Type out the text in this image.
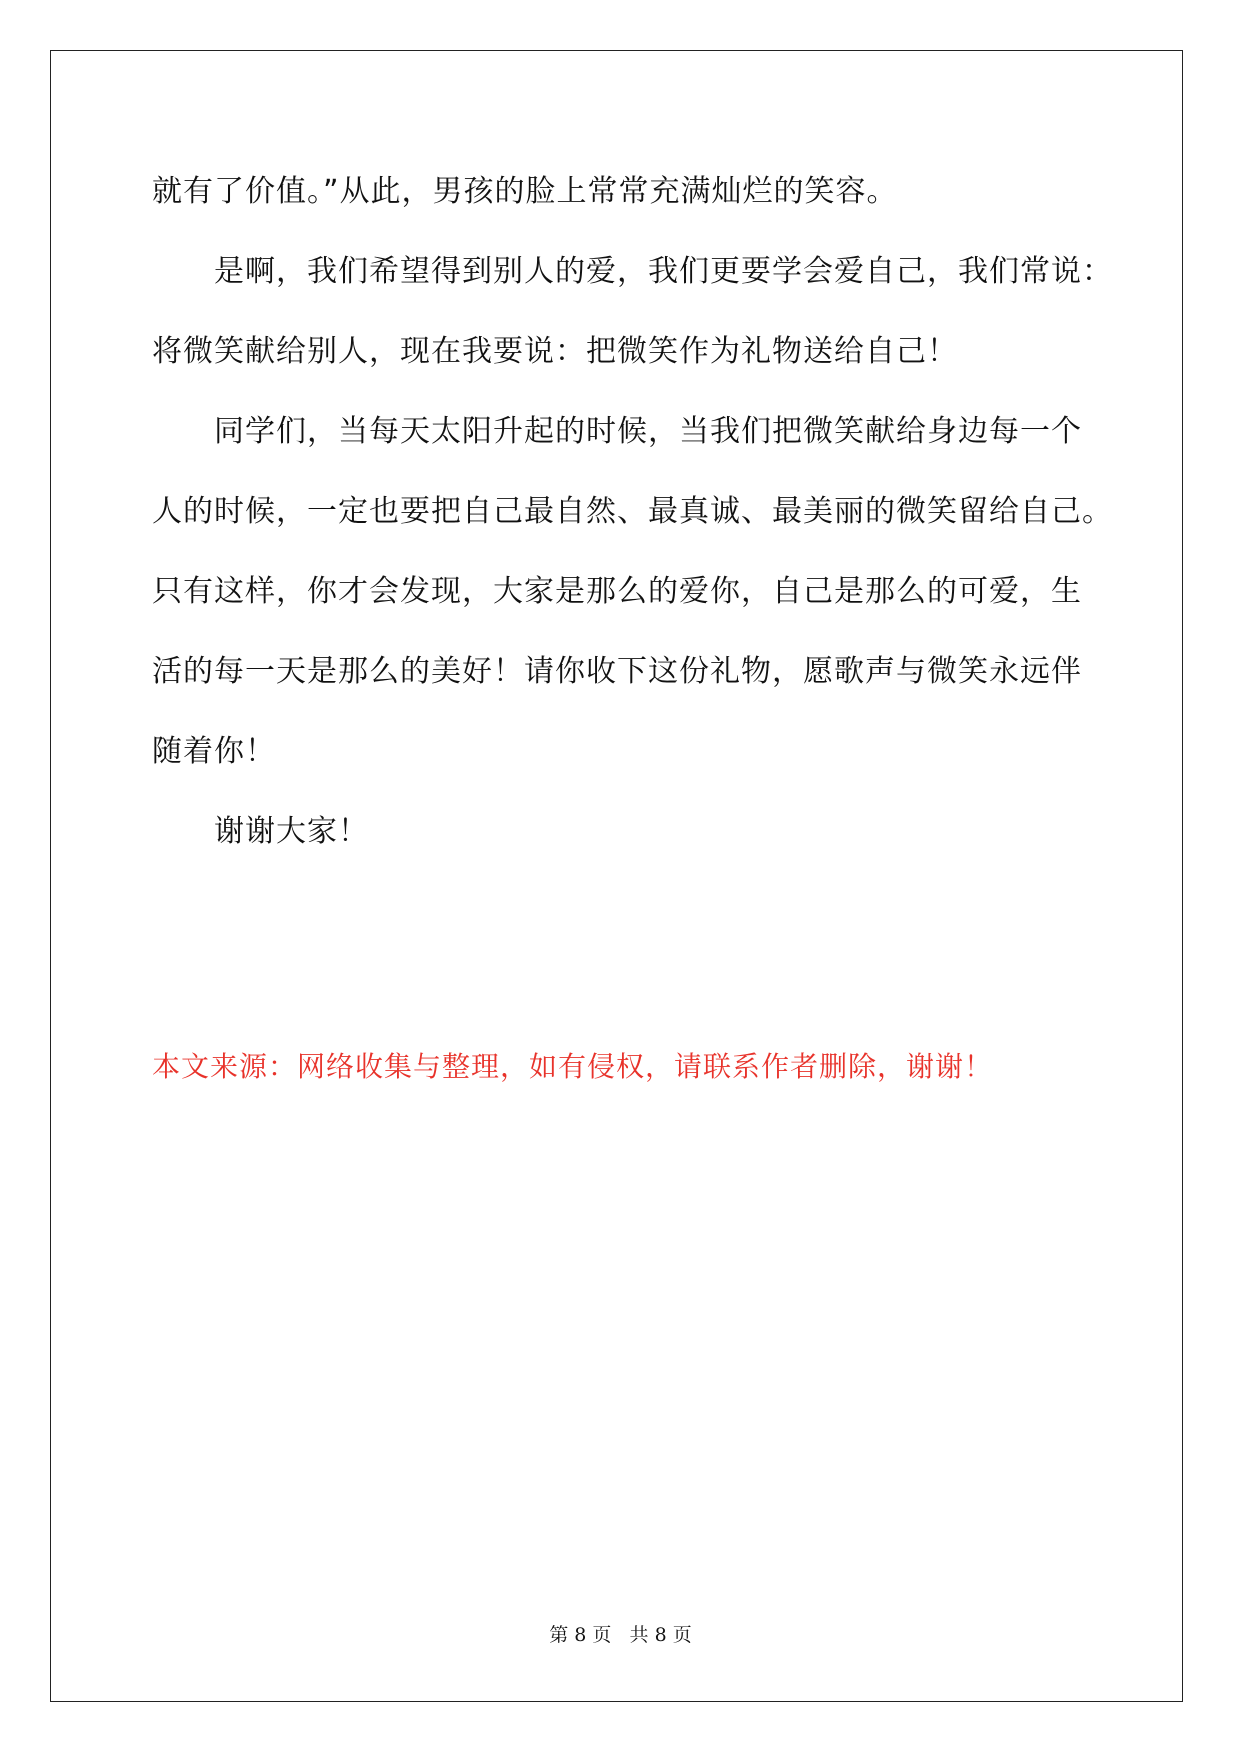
就有了价值。”从此，男孩的脸上常常充满灿烂的笑容。
是啊，我们希望得到别人的爱，我们更要学会爱自己，我们常说：
将微笑献给别人，现在我要说：把微笑作为礼物送给自己！
同学们，当每天太阳升起的时候，当我们把微笑献给身边每一个
人的时候，一定也要把自己最自然、最真诚、最美丽的微笑留给自己。
只有这样，你才会发现，大家是那么的爱你，自己是那么的可爱，生
活的每一天是那么的美好！请你收下这份礼物，愿歌声与微笑永远伴
随着你！
谢谢大家！
本文来源：网络收集与整理，如有侵权，请联系作者删除，谢谢！
第 8 页   共 8 页
